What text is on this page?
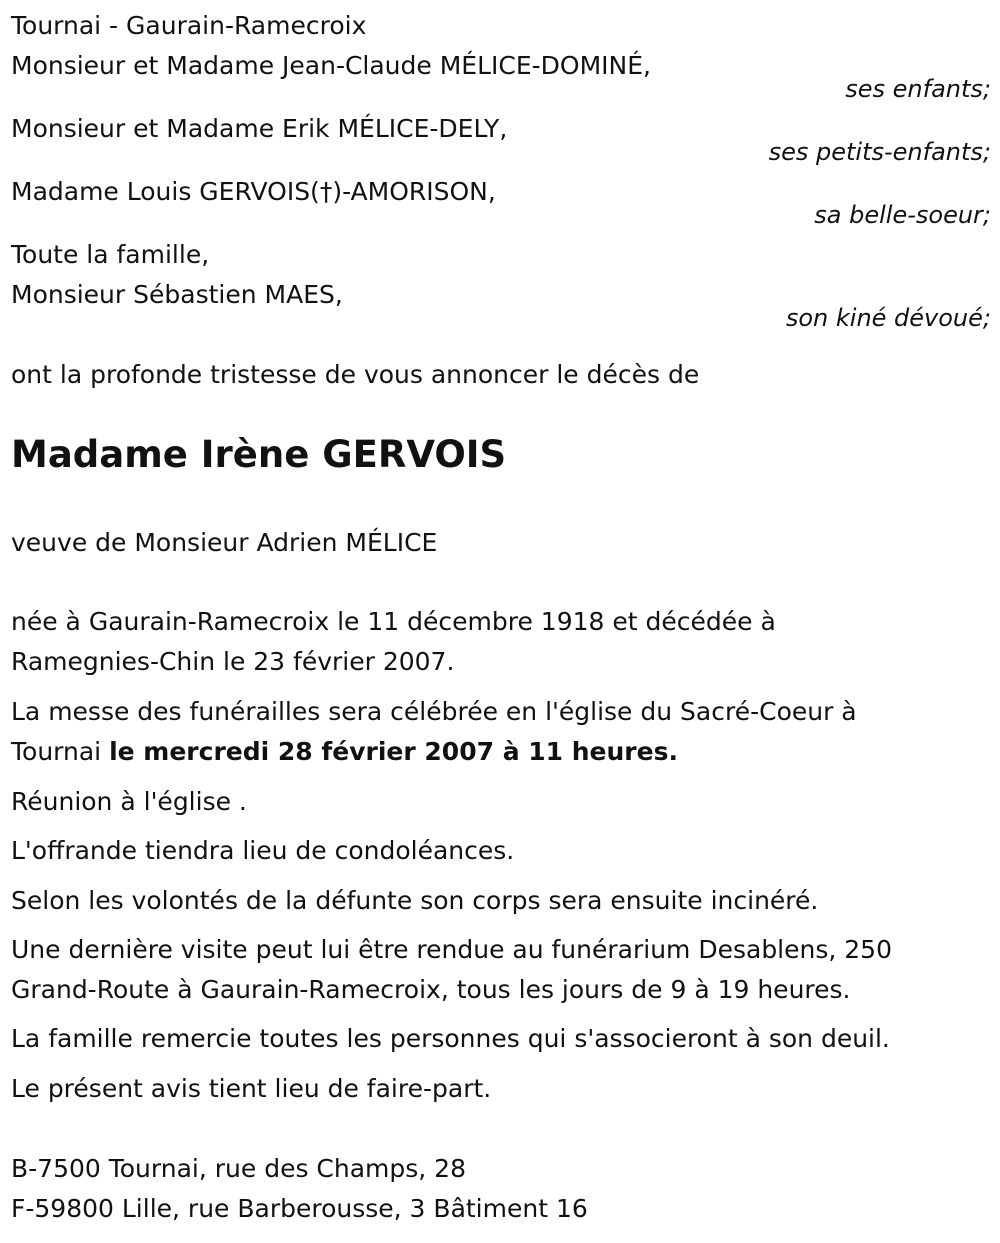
Tournai - Gaurain-Ramecroix
Monsieur et Madame Jean-Claude MÉLICE-DOMINÉ,
ses enfants;
Monsieur et Madame Erik MÉLICE-DELY,
ses petits-enfants;
Madame Louis GERVOIS(†)-AMORISON,
sa belle-soeur;
Toute la famille,
Monsieur Sébastien MAES,
son kiné dévoué;
ont la profonde tristesse de vous annoncer le décès de
Madame Irène GERVOIS
veuve de Monsieur Adrien MÉLICE
née à Gaurain-Ramecroix le 11 décembre 1918 et décédée à
Ramegnies-Chin le 23 février 2007.
La messe des funérailles sera célébrée en l'église du Sacré-Coeur à
Tournai le mercredi 28 février 2007 à 11 heures.
Réunion à l'église .
L'offrande tiendra lieu de condoléances.
Selon les volontés de la défunte son corps sera ensuite incinéré.
Une dernière visite peut lui être rendue au funérarium Desablens, 250
Grand-Route à Gaurain-Ramecroix, tous les jours de 9 à 19 heures.
La famille remercie toutes les personnes qui s'associeront à son deuil.
Le présent avis tient lieu de faire-part.
B-7500 Tournai, rue des Champs, 28
F-59800 Lille, rue Barberousse, 3 Bâtiment 16
